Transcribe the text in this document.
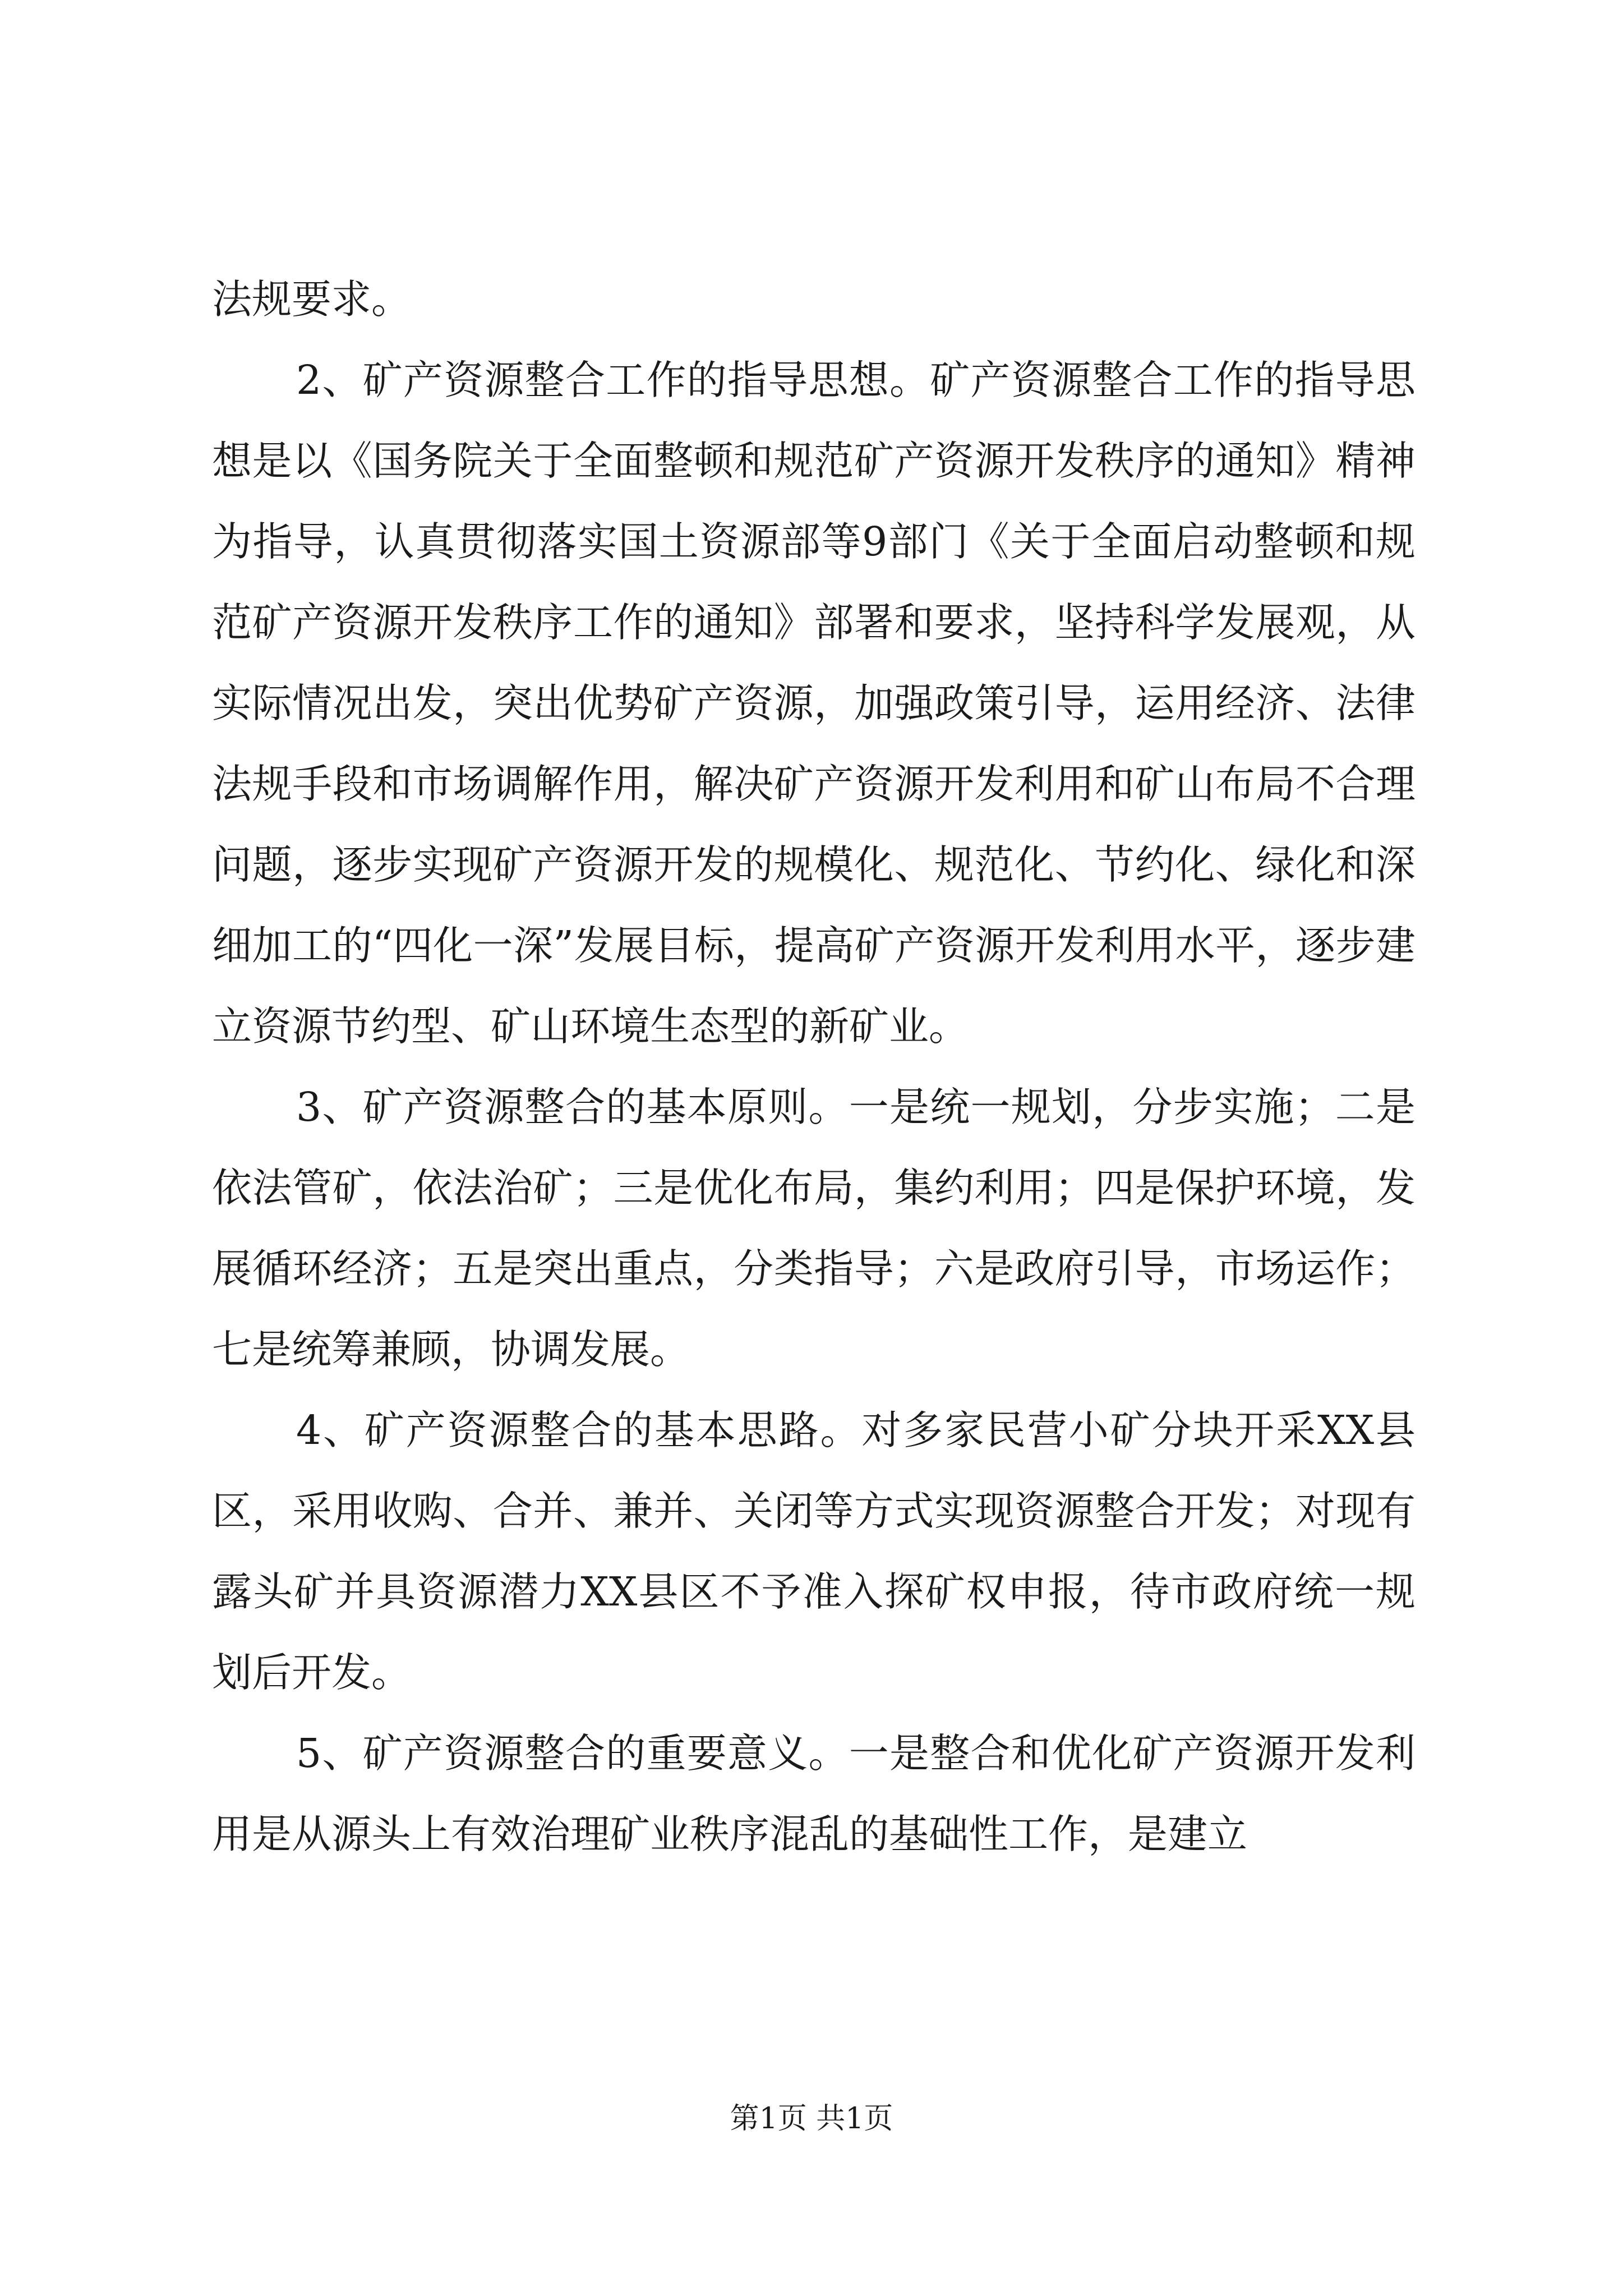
法规要求。

2、矿产资源整合工作的指导思想。矿产资源整合工作的指导思想是以《国务院关于全面整顿和规范矿产资源开发秩序的通知》精神为指导，认真贯彻落实国土资源部等9部门《关于全面启动整顿和规范矿产资源开发秩序工作的通知》部署和要求，坚持科学发展观，从实际情况出发，突出优势矿产资源，加强政策引导，运用经济、法律法规手段和市场调解作用，解决矿产资源开发利用和矿山布局不合理问题，逐步实现矿产资源开发的规模化、规范化、节约化、绿化和深细加工的“四化一深”发展目标，提高矿产资源开发利用水平，逐步建立资源节约型、矿山环境生态型的新矿业。

3、矿产资源整合的基本原则。一是统一规划，分步实施；二是依法管矿，依法治矿；三是优化布局，集约利用；四是保护环境，发展循环经济；五是突出重点，分类指导；六是政府引导，市场运作；七是统筹兼顾，协调发展。

4、矿产资源整合的基本思路。对多家民营小矿分块开采XX县区，采用收购、合并、兼并、关闭等方式实现资源整合开发；对现有露头矿并具资源潜力XX县区不予准入探矿权申报，待市政府统一规划后开发。

5、矿产资源整合的重要意义。一是整合和优化矿产资源开发利用是从源头上有效治理矿业秩序混乱的基础性工作，是建立

第1页 共1页
